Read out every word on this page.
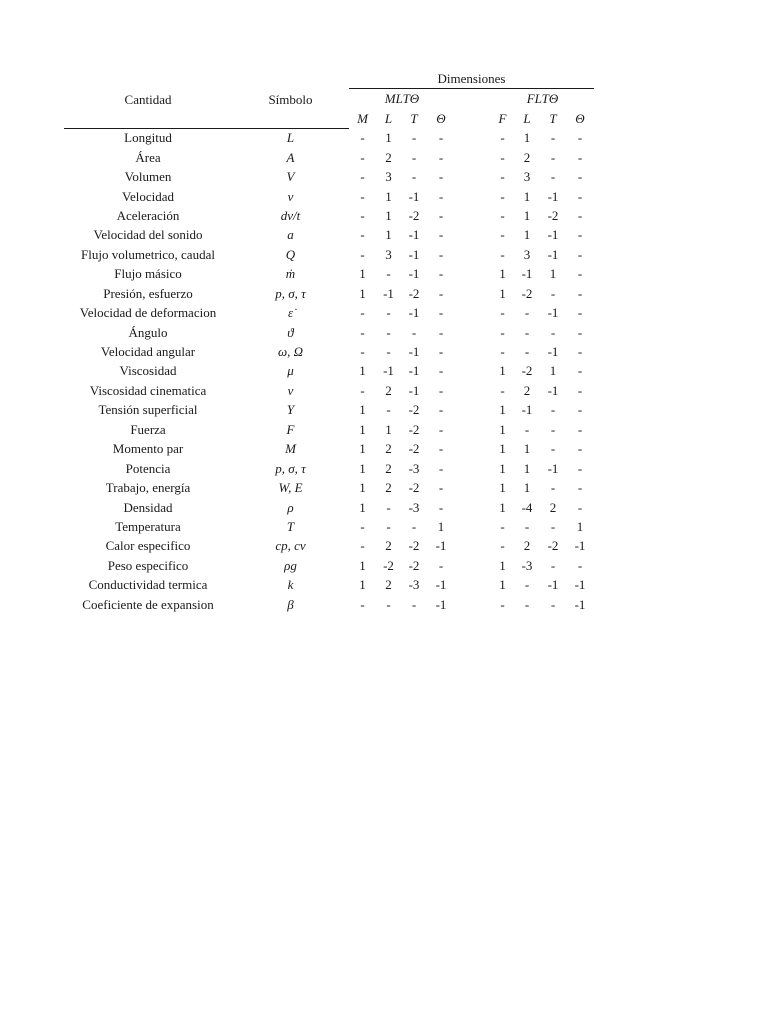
Cantidad	Símbolo	Dimensiones								
		MLTΘ					FLTΘ			
		M	L	T	Θ		F	L	T	Θ
Longitud	L	-	1	-	-		-	1	-	-
Área	A	-	2	-	-		-	2	-	-
Volumen	V	-	3	-	-		-	3	-	-
Velocidad	v	-	1	-1	-		-	1	-1	-
Aceleración	dv/t	-	1	-2	-		-	1	-2	-
Velocidad del sonido	a	-	1	-1	-		-	1	-1	-
Flujo volumetrico, caudal	Q	-	3	-1	-		-	3	-1	-
Flujo másico	ṁ	1	-	-1	-		1	-1	1	-
Presión, esfuerzo	p, σ, τ	1	-1	-2	-		1	-2	-	-
Velocidad de deformacion	ε̇	-	-	-1	-		-	-	-1	-
Ángulo	ϑ	-	-	-	-		-	-	-	-
Velocidad angular	ω, Ω	-	-	-1	-		-	-	-1	-
Viscosidad	μ	1	-1	-1	-		1	-2	1	-
Viscosidad cinematica	ν	-	2	-1	-		-	2	-1	-
Tensión superficial	Υ	1	-	-2	-		1	-1	-	-
Fuerza	F	1	1	-2	-		1	-	-	-
Momento par	M	1	2	-2	-		1	1	-	-
Potencia	p, σ, τ	1	2	-3	-		1	1	-1	-
Trabajo, energía	W, E	1	2	-2	-		1	1	-	-
Densidad	ρ	1	-	-3	-		1	-4	2	-
Temperatura	T	-	-	-	1		-	-	-	1
Calor especifico	cp, cv	-	2	-2	-1		-	2	-2	-1
Peso especifico	ρg	1	-2	-2	-		1	-3	-	-
Conductividad termica	k	1	2	-3	-1		1	-	-1	-1
Coeficiente de expansion	β	-	-	-	-1		-	-	-	-1
